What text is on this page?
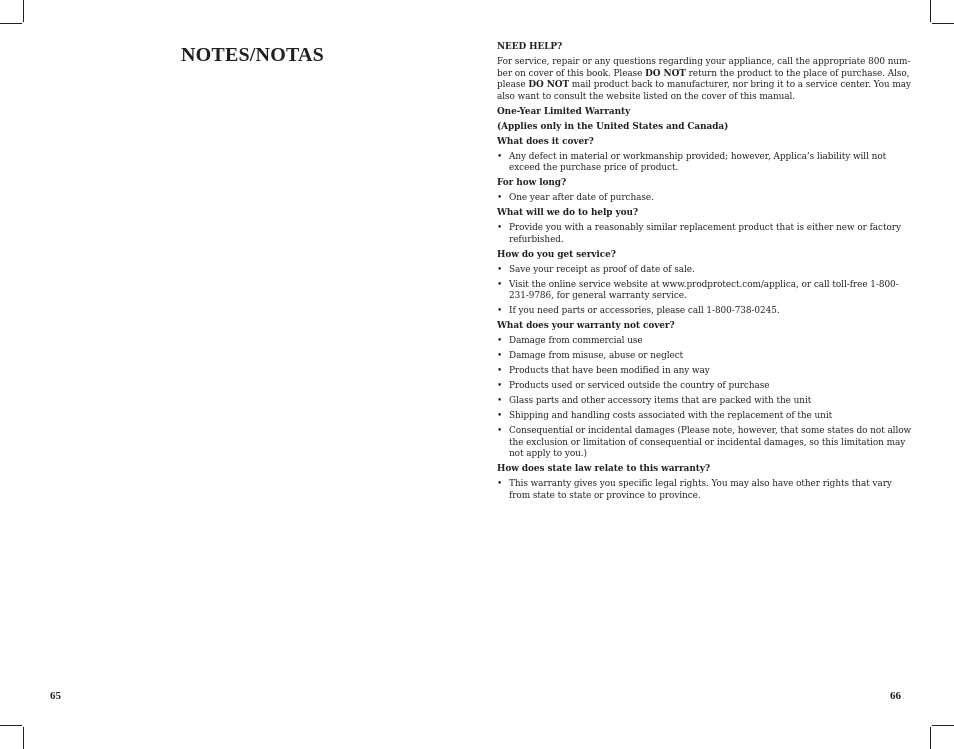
NOTES/NOTAS
65	66

NEED HELP?

For service, repair or any questions regarding your appliance, call the appropriate 800 num-ber on cover of this book. Please DO NOT return the product to the place of purchase. Also, please DO NOT mail product back to manufacturer, nor bring it to a service center. You may also want to consult the website listed on the cover of this manual.

One-Year Limited Warranty

(Applies only in the United States and Canada)

What does it cover?

• Any defect in material or workmanship provided; however, Applica’s liability will not exceed the purchase price of product.

For how long?

• One year after date of purchase.

What will we do to help you?

• Provide you with a reasonably similar replacement product that is either new or factory refurbished.

How do you get service?

• Save your receipt as proof of date of sale.

• Visit the online service website at www.prodprotect.com/applica, or call toll-free 1-800-231-9786, for general warranty service.

• If you need parts or accessories, please call 1-800-738-0245.

What does your warranty not cover?

• Damage from commercial use

• Damage from misuse, abuse or neglect

• Products that have been modified in any way

• Products used or serviced outside the country of purchase

• Glass parts and other accessory items that are packed with the unit

• Shipping and handling costs associated with the replacement of the unit

• Consequential or incidental damages (Please note, however, that some states do not allow the exclusion or limitation of consequential or incidental damages, so this limitation may not apply to you.)

How does state law relate to this warranty?

• This warranty gives you specific legal rights. You may also have other rights that vary from state to state or province to province.
